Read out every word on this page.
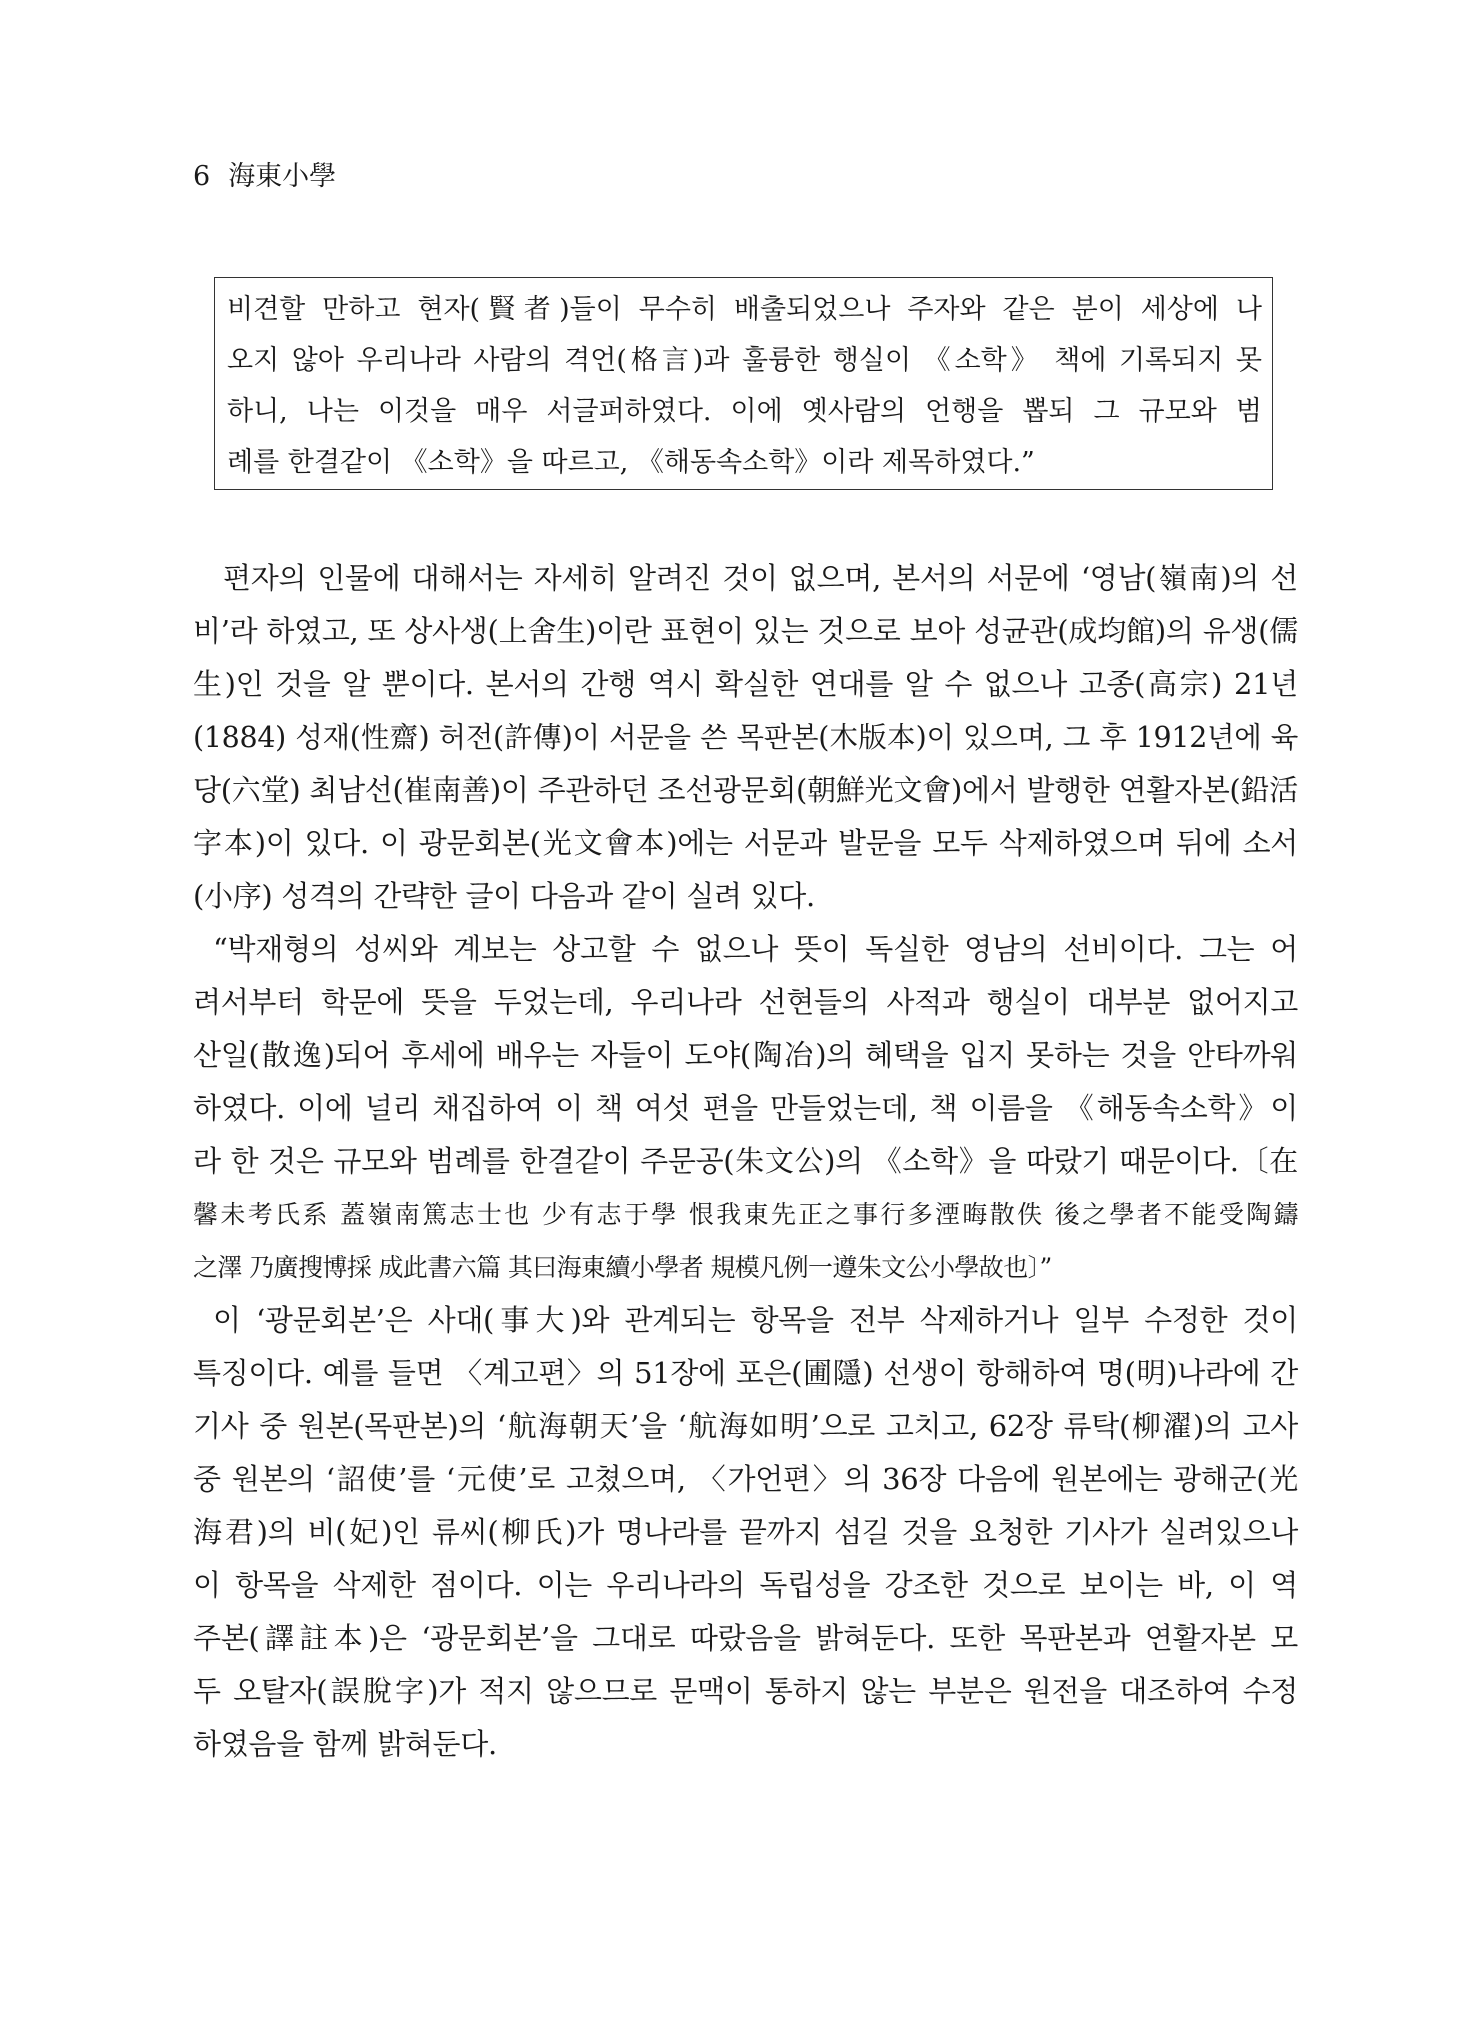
6 海東小學
비견할 만하고 현자(賢者)들이 무수히 배출되었으나 주자와 같은 분이 세상에 나
오지 않아 우리나라 사람의 격언(格言)과 훌륭한 행실이 《소학》 책에 기록되지 못
하니, 나는 이것을 매우 서글퍼하였다. 이에 옛사람의 언행을 뽑되 그 규모와 범
례를 한결같이 《소학》을 따르고, 《해동속소학》이라 제목하였다.”
편자의 인물에 대해서는 자세히 알려진 것이 없으며, 본서의 서문에 ‘영남(嶺南)의 선
비’라 하였고, 또 상사생(上舍生)이란 표현이 있는 것으로 보아 성균관(成均館)의 유생(儒
生)인 것을 알 뿐이다. 본서의 간행 역시 확실한 연대를 알 수 없으나 고종(高宗) 21년
(1884) 성재(性齋) 허전(許傳)이 서문을 쓴 목판본(木版本)이 있으며, 그 후 1912년에 육
당(六堂) 최남선(崔南善)이 주관하던 조선광문회(朝鮮光文會)에서 발행한 연활자본(鉛活
字本)이 있다. 이 광문회본(光文會本)에는 서문과 발문을 모두 삭제하였으며 뒤에 소서
(小序) 성격의 간략한 글이 다음과 같이 실려 있다.
“박재형의 성씨와 계보는 상고할 수 없으나 뜻이 독실한 영남의 선비이다. 그는 어
려서부터 학문에 뜻을 두었는데, 우리나라 선현들의 사적과 행실이 대부분 없어지고
산일(散逸)되어 후세에 배우는 자들이 도야(陶冶)의 혜택을 입지 못하는 것을 안타까워
하였다. 이에 널리 채집하여 이 책 여섯 편을 만들었는데, 책 이름을 《해동속소학》이
라 한 것은 규모와 범례를 한결같이 주문공(朱文公)의 《소학》을 따랐기 때문이다.〔在
馨未考氏系 蓋嶺南篤志士也 少有志于學 恨我東先正之事行多湮晦散佚 後之學者不能受陶鑄
之澤 乃廣搜博採 成此書六篇 其曰海東續小學者 規模凡例一遵朱文公小學故也〕”
이 ‘광문회본’은 사대(事大)와 관계되는 항목을 전부 삭제하거나 일부 수정한 것이
특징이다. 예를 들면 〈계고편〉의 51장에 포은(圃隱) 선생이 항해하여 명(明)나라에 간
기사 중 원본(목판본)의 ‘航海朝天’을 ‘航海如明’으로 고치고, 62장 류탁(柳濯)의 고사
중 원본의 ‘詔使’를 ‘元使’로 고쳤으며, 〈가언편〉의 36장 다음에 원본에는 광해군(光
海君)의 비(妃)인 류씨(柳氏)가 명나라를 끝까지 섬길 것을 요청한 기사가 실려있으나
이 항목을 삭제한 점이다. 이는 우리나라의 독립성을 강조한 것으로 보이는 바, 이 역
주본(譯註本)은 ‘광문회본’을 그대로 따랐음을 밝혀둔다. 또한 목판본과 연활자본 모
두 오탈자(誤脫字)가 적지 않으므로 문맥이 통하지 않는 부분은 원전을 대조하여 수정
하였음을 함께 밝혀둔다.
